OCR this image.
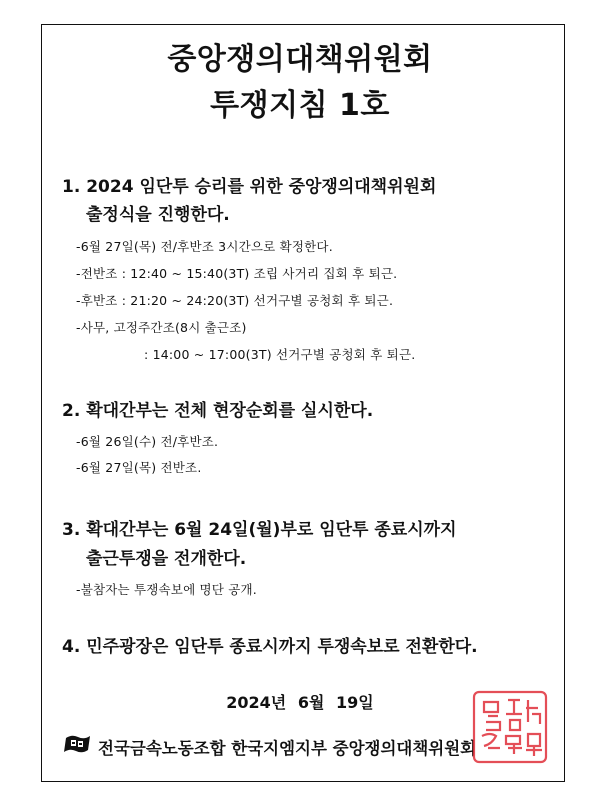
중앙쟁의대책위원회
투쟁지침 1호
1. 2024 임단투 승리를 위한 중앙쟁의대책위원회
출정식을 진행한다.
-6월 27일(목) 전/후반조 3시간으로 확정한다.
-전반조 : 12:40 ~ 15:40(3T) 조립 사거리 집회 후 퇴근.
-후반조 : 21:20 ~ 24:20(3T) 선거구별 공청회 후 퇴근.
-사무, 고정주간조(8시 출근조)
: 14:00 ~ 17:00(3T) 선거구별 공청회 후 퇴근.
2. 확대간부는 전체 현장순회를 실시한다.
-6월 26일(수) 전/후반조.
-6월 27일(목) 전반조.
3. 확대간부는 6월 24일(월)부로 임단투 종료시까지
출근투쟁을 전개한다.
-불참자는 투쟁속보에 명단 공개.
4. 민주광장은 임단투 종료시까지 투쟁속보로 전환한다.
2024년 6월 19일
전국금속노동조합 한국지엠지부 중앙쟁의대책위원회
